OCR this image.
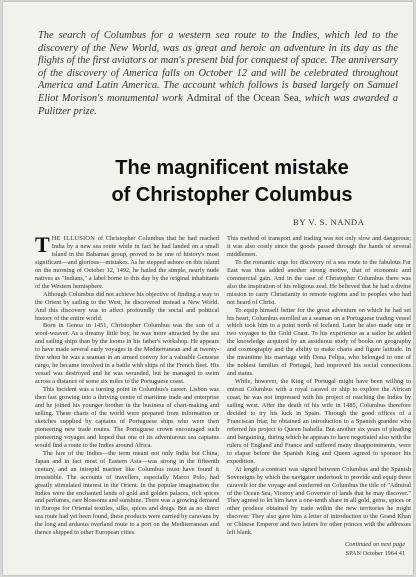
The search of Columbus for a western sea route to the Indies, which led to the discovery of the New World, was as great and heroic an adventure in its day as the flights of the first aviators or man's present bid for conquest of space. The anniversary of the discovery of America falls on October 12 and will be celebrated throughout America and Latin America. The account which follows is based largely on Samuel Eliot Morison's monumental work Admiral of the Ocean Sea, which was awarded a Pulitzer prize.

The magnificent mistake
of Christopher Columbus
BY V. S. NANDA

THE ILLUSION of Christopher Columbus that he had reached India by a new sea route while in fact he had landed on a small island in the Bahamas group, proved to be one of history's most significant—and glorious—mistakes. As he stepped ashore on this island on the morning of October 12, 1492, he hailed the simple, nearly nude natives as "Indians," a label borne to this day by the original inhabitants of the Western hemisphere.

Although Columbus did not achieve his objective of finding a way to the Orient by sailing to the West, he discovered instead a New World. And this discovery was to affect profoundly the social and political history of the entire world.

Born in Genoa in 1451, Christopher Columbus was the son of a wool-weaver. As a dreamy little boy, he was more attracted by the sea and sailing ships than by the looms in his father's workshop. He appears to have made several early voyages in the Mediterranean and at twenty-five when he was a seaman in an armed convoy for a valuable Genoese cargo, he became involved in a battle with ships of the French fleet. His vessel was destroyed and he was wounded, but he managed to swim across a distance of some six miles to the Portuguese coast.

This incident was a turning point in Columbus's career. Lisbon was then fast growing into a thriving centre of maritime trade and enterprise and he joined his younger brother in the business of chart-making and selling. These charts of the world were prepared from information or sketches supplied by captains of Portuguese ships who were then pioneering new trade routes. The Portuguese crown encouraged such pioneering voyages and hoped that one of its adventurous sea captains would find a route to the Indies around Africa.

The lure of the Indies—the term meant not only India but China, Japan and in fact most of Eastern Asia—was strong in the fifteenth century, and an intrepid mariner like Columbus must have found it irresistible. The accounts of travellers, especially Marco Polo, had greatly stimulated interest in the Orient. In the popular imagination the Indies were the enchanted lands of gold and golden palaces, rich spices and perfumes, rare blossoms and sunshine. There was a growing demand in Europe for Oriental textiles, silks, spices and drugs. But as no direct sea route had yet been found, these products were carried by caravans by the long and arduous overland route to a port on the Mediterranean and thence shipped to other European cities.

This method of transport and trading was not only slow and dangerous; it was also costly since the goods passed through the hands of several middlemen.

To the romantic urge for discovery of a sea route to the fabulous Far East was thus added another strong motive, that of economic and commercial gain. And in the case of Christopher Columbus there was also the inspiration of his religious zeal. He believed that he had a divine mission to carry Christianity to remote regions and to peoples who had not heard of Christ.

To equip himself better for the great adventure on which he had set his heart, Columbus enrolled as a seaman on a Portuguese trading vessel which took him to a point north of Iceland. Later he also made one or two voyages to the Gold Coast. To his experience as a sailor he added the knowledge acquired by an assiduous study of books on geography and cosmography and the ability to make charts and figure latitude. In the meantime his marriage with Dona Felipa, who belonged to one of the noblest families of Portugal, had improved his social connections and status.

While, however, the King of Portugal might have been willing to entrust Columbus with a royal caravel or ship to explore the African coast, he was not impressed with his project of reaching the Indies by sailing west. After the death of his wife in 1485, Columbus therefore decided to try his luck in Spain. Through the good offices of a Franciscan friar, he obtained an introduction to a Spanish grandee who referred his project to Queen Isabella. But another six years of pleading and bargaining, during which he appears to have negotiated also with the rulers of England and France and suffered many disappointments, were to elapse before the Spanish King and Queen agreed to sponsor his expedition.

At length a contract was signed between Columbus and the Spanish Sovereigns by which the navigator undertook to provide and equip three caravels for the voyage and conferred on Columbus the title of "Admiral of the Ocean Sea, Viceroy and Governor of lands that he may discover." They agreed to let him have a one-tenth share in all gold, gems, spices or other produce obtained by trade within the new territories he might discover. They also gave him a letter of introduction to the Grand Khan or Chinese Emperor and two letters for other princes with the addresses left blank.

Continued on next page
SPAN October 1964 41
